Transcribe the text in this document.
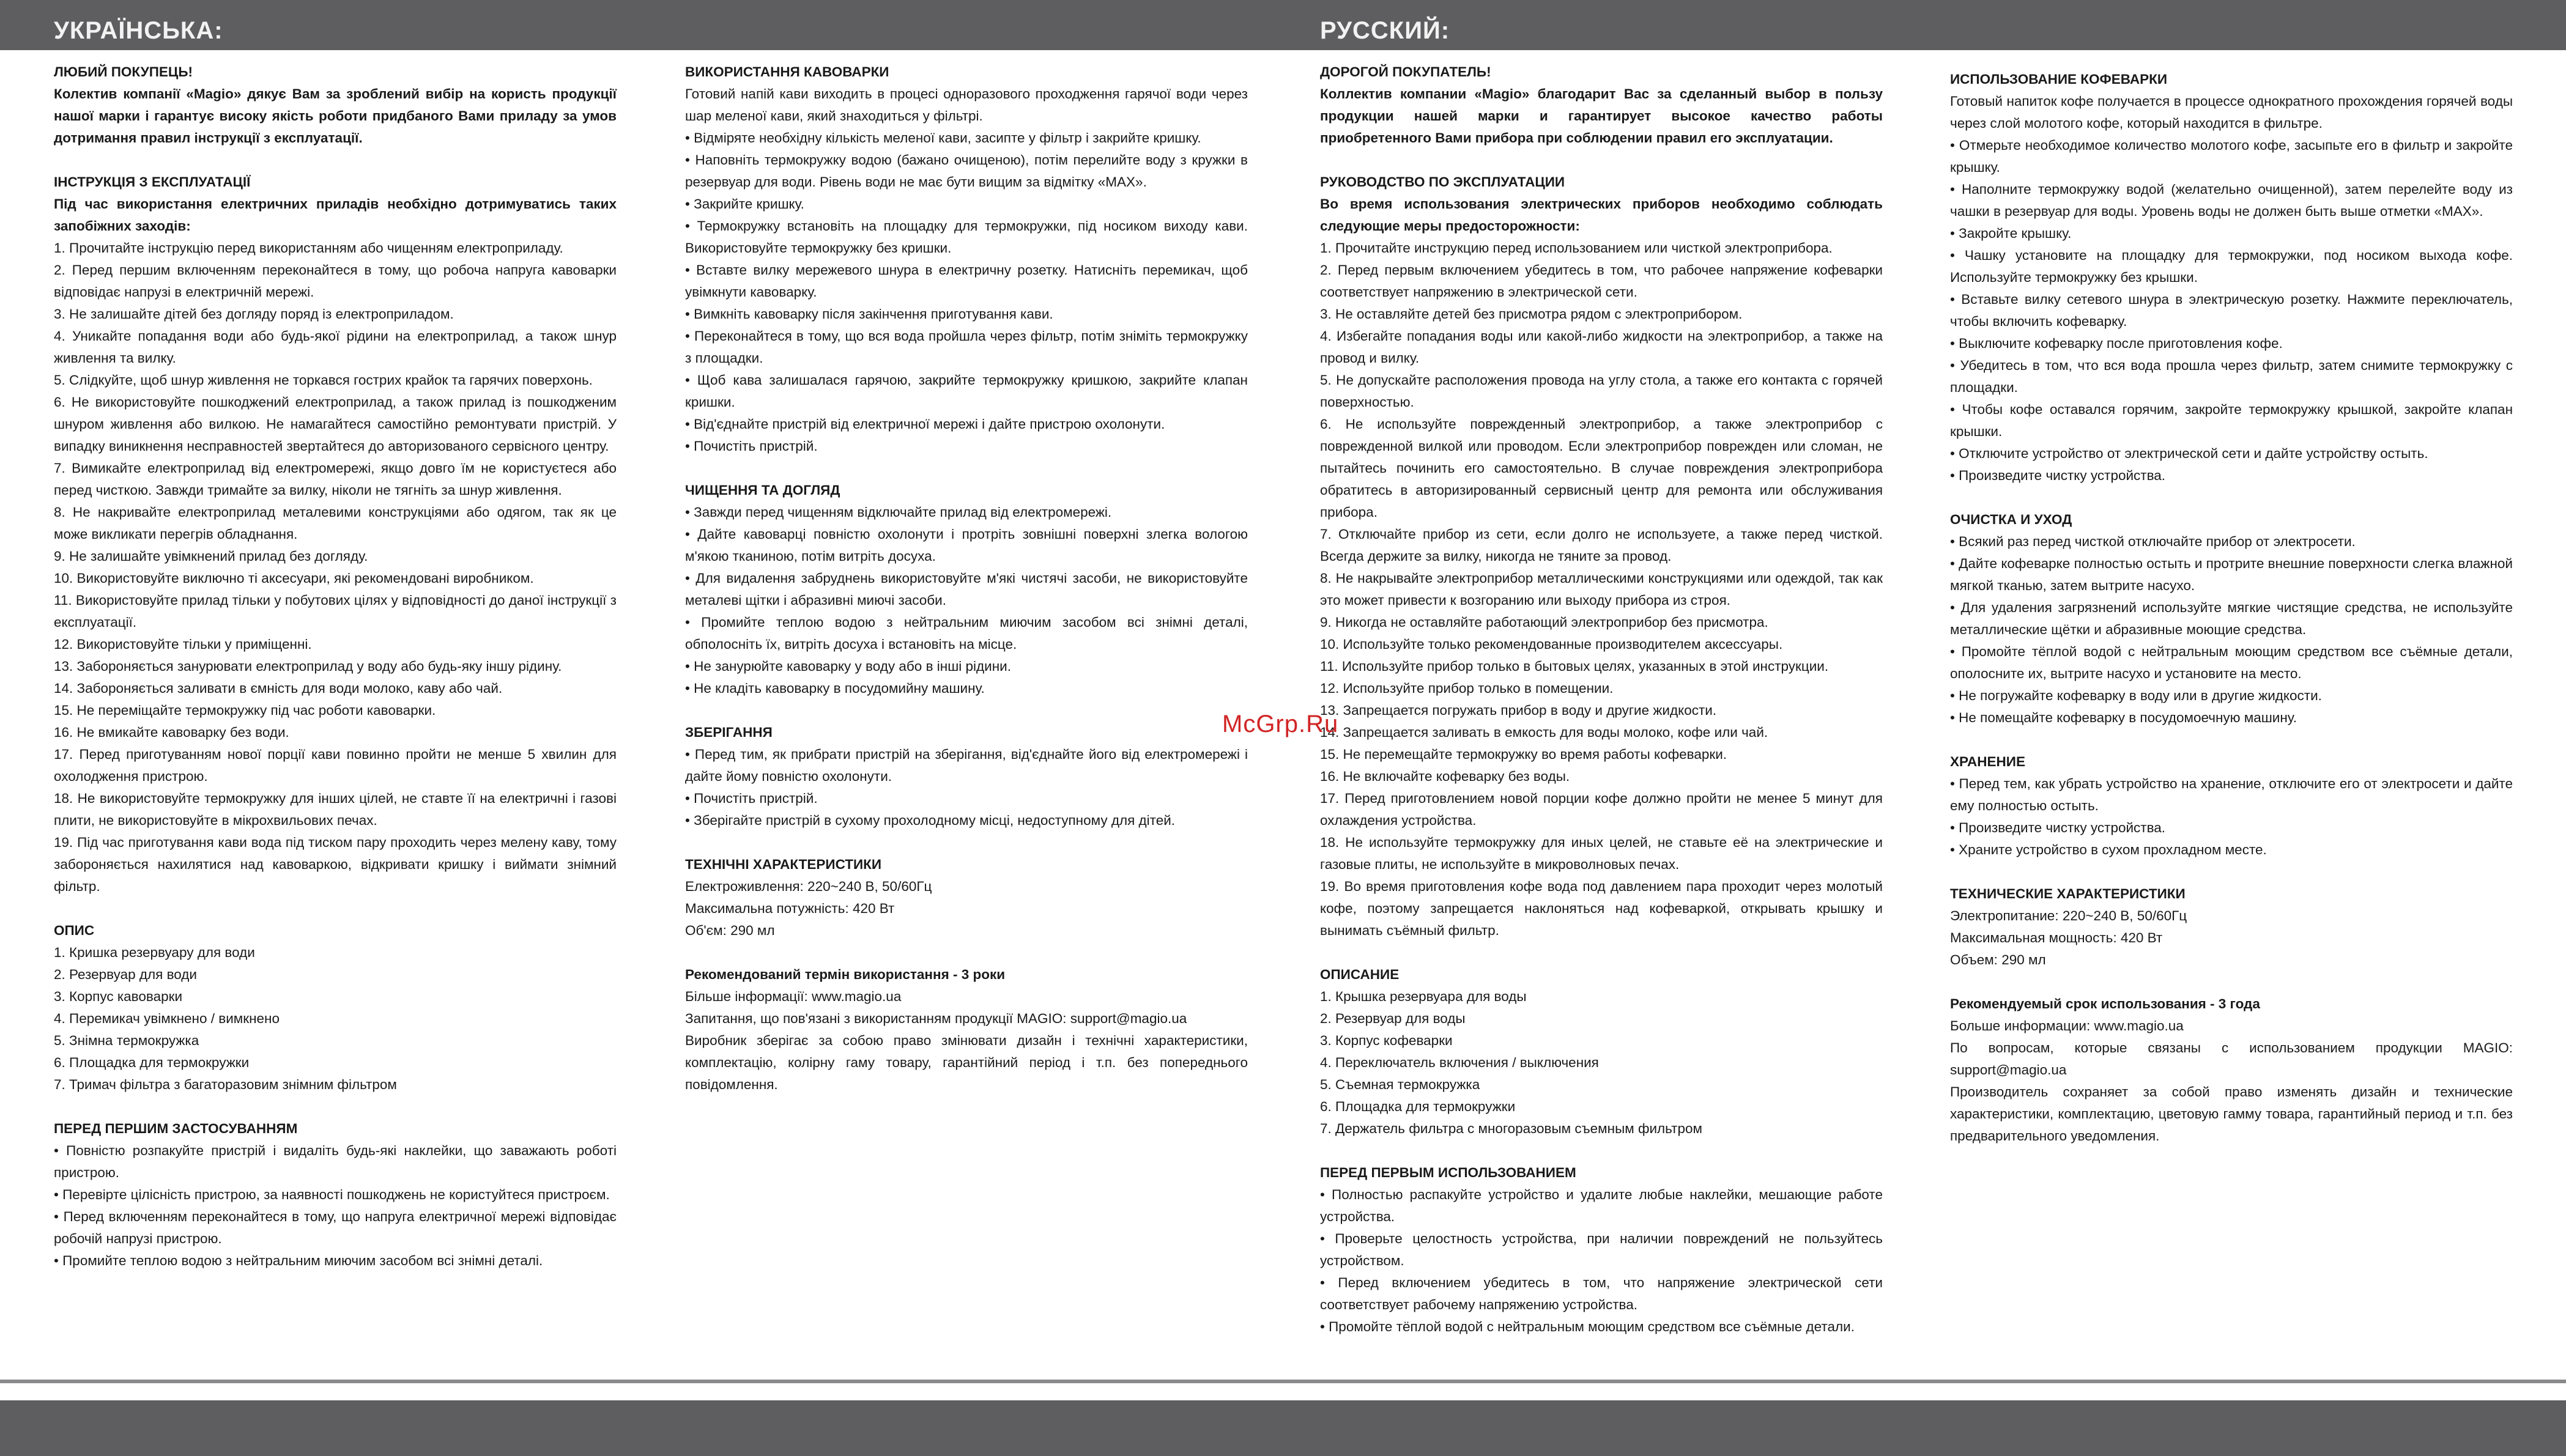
УКРАЇНСЬКА:	РУССКИЙ:
ЛЮБИЙ ПОКУПЕЦЬ!

Колектив компанії «Magio» дякує Вам за зроблений вибір на користь продукції нашої марки і гарантує високу якість роботи придбаного Вами приладу за умов дотримання правил інструкції з експлуатації.

ІНСТРУКЦІЯ З ЕКСПЛУАТАЦІЇ

Під час використання електричних приладів необхідно дотримуватись таких запобіжних заходів:

1. Прочитайте інструкцію перед використанням або чищенням електроприладу.

2. Перед першим включенням переконайтеся в тому, що робоча напруга кавоварки відповідає напрузі в електричній мережі.

3. Не залишайте дітей без догляду поряд із електроприладом.

4. Уникайте попадання води або будь-якої рідини на електроприлад, а також шнур живлення та вилку.

5. Слідкуйте, щоб шнур живлення не торкався гострих крайок та гарячих поверхонь.

6. Не використовуйте пошкоджений електроприлад, а також прилад із пошкодженим шнуром живлення або вилкою. Не намагайтеся самостійно ремонтувати пристрій. У випадку виникнення несправностей звертайтеся до авторизованого сервісного центру.

7. Вимикайте електроприлад від електромережі, якщо довго їм не користуєтеся або перед чисткою. Завжди тримайте за вилку, ніколи не тягніть за шнур живлення.

8. Не накривайте електроприлад металевими конструкціями або одягом, так як це може викликати перегрів обладнання.

9. Не залишайте увімкнений прилад без догляду.

10. Використовуйте виключно ті аксесуари, які рекомендовані виробником.

11. Використовуйте прилад тільки у побутових цілях у відповідності до даної інструкції з експлуатації.

12. Використовуйте тільки у приміщенні.

13. Забороняється занурювати електроприлад у воду або будь-яку іншу рідину.

14. Забороняється заливати в ємність для води молоко, каву або чай.

15. Не переміщайте термокружку під час роботи кавоварки.

16. Не вмикайте кавоварку без води.

17. Перед приготуванням нової порції кави повинно пройти не менше 5 хвилин для охолодження пристрою.

18. Не використовуйте термокружку для інших цілей, не ставте її на електричні і газові плити, не використовуйте в мікрохвильових печах.

19. Під час приготування кави вода під тиском пару проходить через мелену каву, тому забороняється нахилятися над кавоваркою, відкривати кришку і виймати знімний фільтр.

ОПИС

1. Кришка резервуару для води

2. Резервуар для води

3. Корпус кавоварки

4. Перемикач увімкнено / вимкнено

5. Знімна термокружка

6. Площадка для термокружки

7. Тримач фільтра з багаторазовим знімним фільтром

ПЕРЕД ПЕРШИМ ЗАСТОСУВАННЯМ

• Повністю розпакуйте пристрій і видаліть будь-які наклейки, що заважають роботі пристрою.

• Перевірте цілісність пристрою, за наявності пошкоджень не користуйтеся пристроєм.

• Перед включенням переконайтеся в тому, що напруга електричної мережі відповідає робочій напрузі пристрою.

• Промийте теплою водою з нейтральним миючим засобом всі знімні деталі.

ВИКОРИСТАННЯ КАВОВАРКИ

Готовий напій кави виходить в процесі одноразового проходження гарячої води через шар меленої кави, який знаходиться у фільтрі.

• Відміряте необхідну кількість меленої кави, засипте у фільтр і закрийте кришку.

• Наповніть термокружку водою (бажано очищеною), потім перелийте воду з кружки в резервуар для води. Рівень води не має бути вищим за відмітку «MAX».

• Закрийте кришку.

• Термокружку встановіть на площадку для термокружки, під носиком виходу кави. Використовуйте термокружку без кришки.

• Вставте вилку мережевого шнура в електричну розетку. Натисніть перемикач, щоб увімкнути кавоварку.

• Вимкніть кавоварку після закінчення приготування кави.

• Переконайтеся в тому, що вся вода пройшла через фільтр, потім зніміть термокружку з площадки.

• Щоб кава залишалася гарячою, закрийте термокружку кришкою, закрийте клапан кришки.

• Від'єднайте пристрій від електричної мережі і дайте пристрою охолонути.

• Почистіть пристрій.

ЧИЩЕННЯ ТА ДОГЛЯД

• Завжди перед чищенням відключайте прилад від електромережі.

• Дайте кавоварці повністю охолонути і протріть зовнішні поверхні злегка вологою м'якою тканиною, потім витріть досуха.

• Для видалення забруднень використовуйте м'які чистячі засоби, не використовуйте металеві щітки і абразивні миючі засоби.

• Промийте теплою водою з нейтральним миючим засобом всі знімні деталі, обполосніть їх, витріть досуха і встановіть на місце.

• Не занурюйте кавоварку у воду або в інші рідини.

• Не кладіть кавоварку в посудомийну машину.

ЗБЕРІГАННЯ

• Перед тим, як прибрати пристрій на зберігання, від'єднайте його від електромережі і дайте йому повністю охолонути.

• Почистіть пристрій.

• Зберігайте пристрій в сухому прохолодному місці, недоступному для дітей.

ТЕХНІЧНІ ХАРАКТЕРИСТИКИ

Електроживлення: 220~240 В, 50/60Гц

Максимальна потужність: 420 Вт

Об'єм: 290 мл

Рекомендований термін використання - 3 роки

Більше інформації: www.magio.ua

Запитання, що пов'язані з використанням продукції MAGIO: support@magio.ua

Виробник зберігає за собою право змінювати дизайн і технічні характеристики, комплектацію, колірну гаму товару, гарантійний період і т.п. без попереднього повідомлення.

ДОРОГОЙ ПОКУПАТЕЛЬ!

Коллектив компании «Magio» благодарит Вас за сделанный выбор в пользу продукции нашей марки и гарантирует высокое качество работы приобретенного Вами прибора при соблюдении правил его эксплуатации.

РУКОВОДСТВО ПО ЭКСПЛУАТАЦИИ

Во время использования электрических приборов необходимо соблюдать следующие меры предосторожности:

1. Прочитайте инструкцию перед использованием или чисткой электроприбора.

2. Перед первым включением убедитесь в том, что рабочее напряжение кофеварки соответствует напряжению в электрической сети.

3. Не оставляйте детей без присмотра рядом с электроприбором.

4. Избегайте попадания воды или какой-либо жидкости на электроприбор, а также на провод и вилку.

5. Не допускайте расположения провода на углу стола, а также его контакта с горячей поверхностью.

6. Не используйте поврежденный электроприбор, а также электроприбор с поврежденной вилкой или проводом. Если электроприбор поврежден или сломан, не пытайтесь починить его самостоятельно. В случае повреждения электроприбора обратитесь в авторизированный сервисный центр для ремонта или обслуживания прибора.

7. Отключайте прибор из сети, если долго не используете, а также перед чисткой. Всегда держите за вилку, никогда не тяните за провод.

8. Не накрывайте электроприбор металлическими конструкциями или одеждой, так как это может привести к возгоранию или выходу прибора из строя.

9. Никогда не оставляйте работающий электроприбор без присмотра.

10. Используйте только рекомендованные производителем аксессуары.

11. Используйте прибор только в бытовых целях, указанных в этой инструкции.

12. Используйте прибор только в помещении.

13. Запрещается погружать прибор в воду и другие жидкости.

14. Запрещается заливать в емкость для воды молоко, кофе или чай.

15. Не перемещайте термокружку во время работы кофеварки.

16. Не включайте кофеварку без воды.

17. Перед приготовлением новой порции кофе должно пройти не менее 5 минут для охлаждения устройства.

18. Не используйте термокружку для иных целей, не ставьте её на электрические и газовые плиты, не используйте в микроволновых печах.

19. Во время приготовления кофе вода под давлением пара проходит через молотый кофе, поэтому запрещается наклоняться над кофеваркой, открывать крышку и вынимать съёмный фильтр.

ОПИСАНИЕ

1. Крышка резервуара для воды

2. Резервуар для воды

3. Корпус кофеварки

4. Переключатель включения / выключения

5. Съемная термокружка

6. Площадка для термокружки

7. Держатель фильтра с многоразовым съемным фильтром

ПЕРЕД ПЕРВЫМ ИСПОЛЬЗОВАНИЕМ

• Полностью распакуйте устройство и удалите любые наклейки, мешающие работе устройства.

• Проверьте целостность устройства, при наличии повреждений не пользуйтесь устройством.

• Перед включением убедитесь в том, что напряжение электрической сети соответствует рабочему напряжению устройства.

• Промойте тёплой водой с нейтральным моющим средством все съёмные детали.

ИСПОЛЬЗОВАНИЕ КОФЕВАРКИ

Готовый напиток кофе получается в процессе однократного прохождения горячей воды через слой молотого кофе, который находится в фильтре.

• Отмерьте необходимое количество молотого кофе, засыпьте его в фильтр и закройте крышку.

• Наполните термокружку водой (желательно очищенной), затем перелейте воду из чашки в резервуар для воды. Уровень воды не должен быть выше отметки «MAX».

• Закройте крышку.

• Чашку установите на площадку для термокружки, под носиком выхода кофе. Используйте термокружку без крышки.

• Вставьте вилку сетевого шнура в электрическую розетку. Нажмите переключатель, чтобы включить кофеварку.

• Выключите кофеварку после приготовления кофе.

• Убедитесь в том, что вся вода прошла через фильтр, затем снимите термокружку с площадки.

• Чтобы кофе оставался горячим, закройте термокружку крышкой, закройте клапан крышки.

• Отключите устройство от электрической сети и дайте устройству остыть.

• Произведите чистку устройства.

ОЧИСТКА И УХОД

• Всякий раз перед чисткой отключайте прибор от электросети.

• Дайте кофеварке полностью остыть и протрите внешние поверхности слегка влажной мягкой тканью, затем вытрите насухо.

• Для удаления загрязнений используйте мягкие чистящие средства, не используйте металлические щётки и абразивные моющие средства.

• Промойте тёплой водой с нейтральным моющим средством все съёмные детали, ополосните их, вытрите насухо и установите на место.

• Не погружайте кофеварку в воду или в другие жидкости.

• Не помещайте кофеварку в посудомоечную машину.

ХРАНЕНИЕ

• Перед тем, как убрать устройство на хранение, отключите его от электросети и дайте ему полностью остыть.

• Произведите чистку устройства.

• Храните устройство в сухом прохладном месте.

ТЕХНИЧЕСКИЕ ХАРАКТЕРИСТИКИ

Электропитание: 220~240 В, 50/60Гц

Максимальная мощность: 420 Вт

Объем: 290 мл

Рекомендуемый срок использования - 3 года

Больше информации: www.magio.ua

По вопросам, которые связаны с использованием продукции MAGIO: support@magio.ua

Производитель сохраняет за собой право изменять дизайн и технические характеристики, комплектацию, цветовую гамму товара, гарантийный период и т.п. без предварительного уведомления.

McGrp.Ru
